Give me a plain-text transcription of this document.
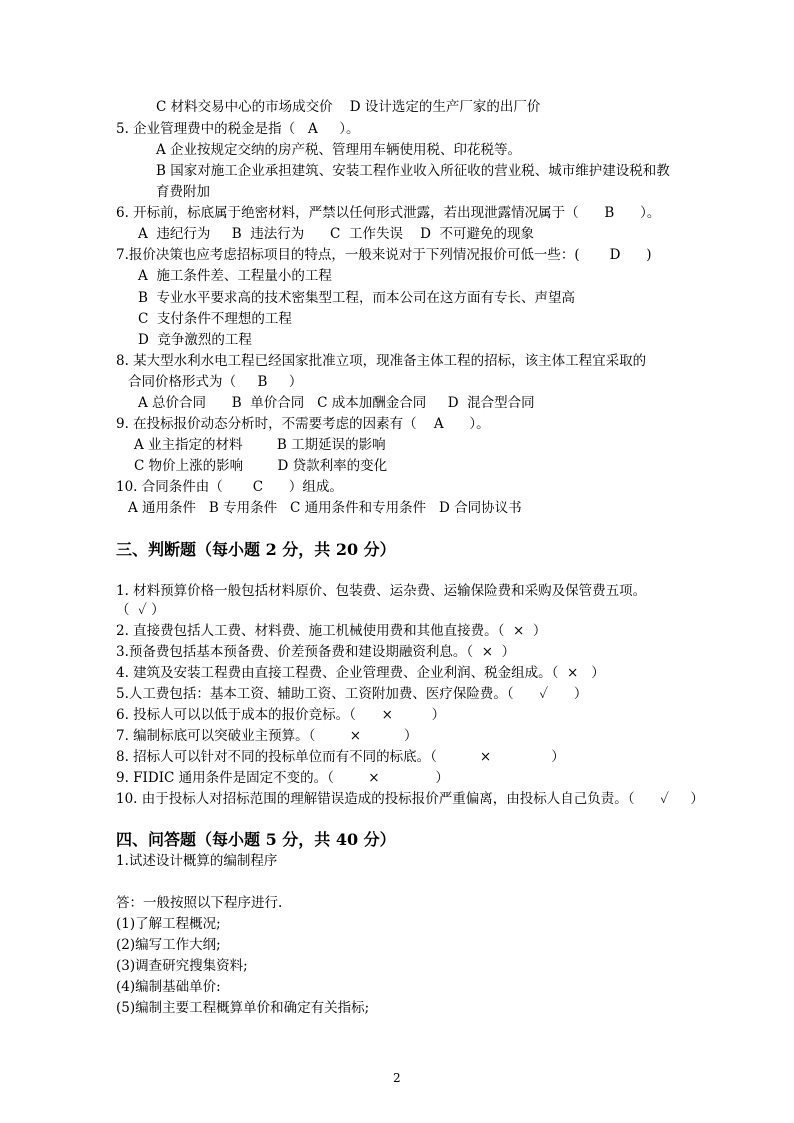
C 材料交易中心的市场成交价    D 设计选定的生产厂家的出厂价
5. 企业管理费中的税金是指（   A     ）。
A 企业按规定交纳的房产税、管理用车辆使用税、印花税等。
B 国家对施工企业承担建筑、安装工程作业收入所征收的营业税、城市维护建设税和教
育费附加
6. 开标前，标底属于绝密材料，严禁以任何形式泄露，若出现泄露情况属于（      B      ）。
A  违纪行为     B  违法行为      C  工作失误    D  不可避免的现象
7.报价决策也应考虑招标项目的特点，一般来说对于下列情况报价可低一些：(       D      )
A  施工条件差、工程量小的工程
B  专业水平要求高的技术密集型工程，而本公司在这方面有专长、声望高
C  支付条件不理想的工程
D  竞争激烈的工程
8. 某大型水利水电工程已经国家批准立项，现准备主体工程的招标，该主体工程宜采取的
合同价格形式为（     B     ）
A 总价合同      B  单价合同   C 成本加酬金合同     D  混合型合同
9. 在投标报价动态分析时，不需要考虑的因素有（    A      ）。
A 业主指定的材料        B 工期延误的影响
C 物价上涨的影响        D 贷款利率的变化
10. 合同条件由（       C      ）组成。
A 通用条件   B 专用条件   C 通用条件和专用条件   D 合同协议书
三、判断题（每小题 2 分，共 20 分）
1. 材料预算价格一般包括材料原价、包装费、运杂费、运输保险费和采购及保管费五项。
（  ✓ ）
2. 直接费包括人工费、材料费、施工机械使用费和其他直接费。（  ×  ）
3.预备费包括基本预备费、价差预备费和建设期融资利息。（  ×  ）
4. 建筑及安装工程费由直接工程费、企业管理费、企业利润、税金组成。（  ×   ）
5.人工费包括：基本工资、辅助工资、工资附加费、医疗保险费。（      ✓      ）
6. 投标人可以以低于成本的报价竞标。（      ×         ）
7. 编制标底可以突破业主预算。（        ×          ）
8. 招标人可以针对不同的投标单位而有不同的标底。（          ×              ）
9. FIDIC 通用条件是固定不变的。（        ×             ）
10. 由于投标人对招标范围的理解错误造成的投标报价严重偏离，由投标人自己负责。（      ✓     ）
四、问答题（每小题 5 分，共 40 分）
1.试述设计概算的编制程序
答：一般按照以下程序进行.
(1)了解工程概况;
(2)编写工作大纲;
(3)调查研究搜集资料;
(4)编制基础单价:
(5)编制主要工程概算单价和确定有关指标;
2
